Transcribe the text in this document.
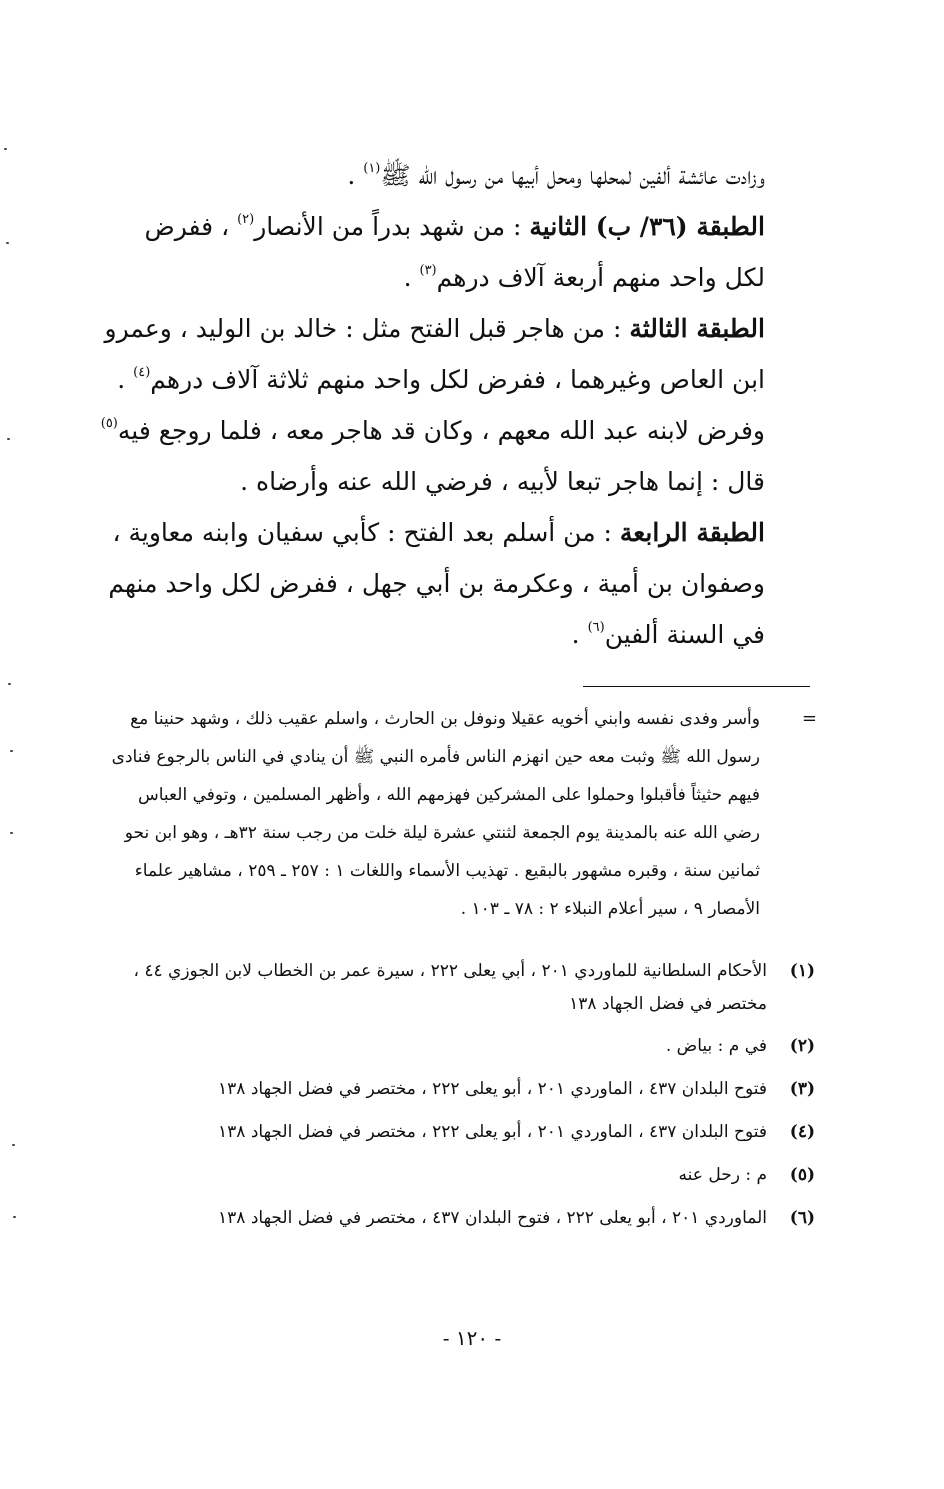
وزادت عائشة ألفين لمحلها ومحل أبيها من رسول الله ﷺ$^{(١)}$ .

الطبقة (٣٦/ ب) الثانية : من شهد بدراً من الأنصار$^{(٢)}$ ، ففرض لكل واحد منهم أربعة آلاف درهم$^{(٣)}$ .

الطبقة الثالثة : من هاجر قبل الفتح مثل : خالد بن الوليد ، وعمرو ابن العاص وغيرهما ، ففرض لكل واحد منهم ثلاثة آلاف درهم$^{(٤)}$ .

وفرض لابنه عبد الله معهم ، وكان قد هاجر معه ، فلما روجع فيه$^{(٥)}$ قال : إنما هاجر تبعا لأبيه ، فرضي الله عنه وأرضاه .

الطبقة الرابعة : من أسلم بعد الفتح : كأبي سفيان وابنه معاوية ، وصفوان بن أمية ، وعكرمة بن أبي جهل ، ففرض لكل واحد منهم في السنة ألفين$^{(٦)}$ .

=
وأسر وفدى نفسه وابني أخويه عقيلا ونوفل بن الحارث ، واسلم عقيب ذلك ، وشهد حنينا مع رسول الله ﷺ وثبت معه حين انهزم الناس فأمره النبي ﷺ أن ينادي في الناس بالرجوع فنادى فيهم حثيثاً فأقبلوا وحملوا على المشركين فهزمهم الله ، وأظهر المسلمين ، وتوفي العباس رضي الله عنه بالمدينة يوم الجمعة لثنتي عشرة ليلة خلت من رجب سنة ٣٢هـ ، وهو ابن نحو ثمانين سنة ، وقبره مشهور بالبقيع . تهذيب الأسماء واللغات ١ : ٢٥٧ ـ ٢٥٩ ، مشاهير علماء الأمصار ٩ ، سير أعلام النبلاء ٢ : ٧٨ ـ ١٠٣ .
(١)
الأحكام السلطانية للماوردي ٢٠١ ، أبي يعلى ٢٢٢ ، سيرة عمر بن الخطاب لابن الجوزي ٤٤ ، مختصر في فضل الجهاد ١٣٨
(٢)
في م : بياض .
(٣)
فتوح البلدان ٤٣٧ ، الماوردي ٢٠١ ، أبو يعلى ٢٢٢ ، مختصر في فضل الجهاد ١٣٨
(٤)
فتوح البلدان ٤٣٧ ، الماوردي ٢٠١ ، أبو يعلى ٢٢٢ ، مختصر في فضل الجهاد ١٣٨
(٥)
م : رحل عنه
(٦)
الماوردي ٢٠١ ، أبو يعلى ٢٢٢ ، فتوح البلدان ٤٣٧ ، مختصر في فضل الجهاد ١٣٨
- ١٢٠ -
